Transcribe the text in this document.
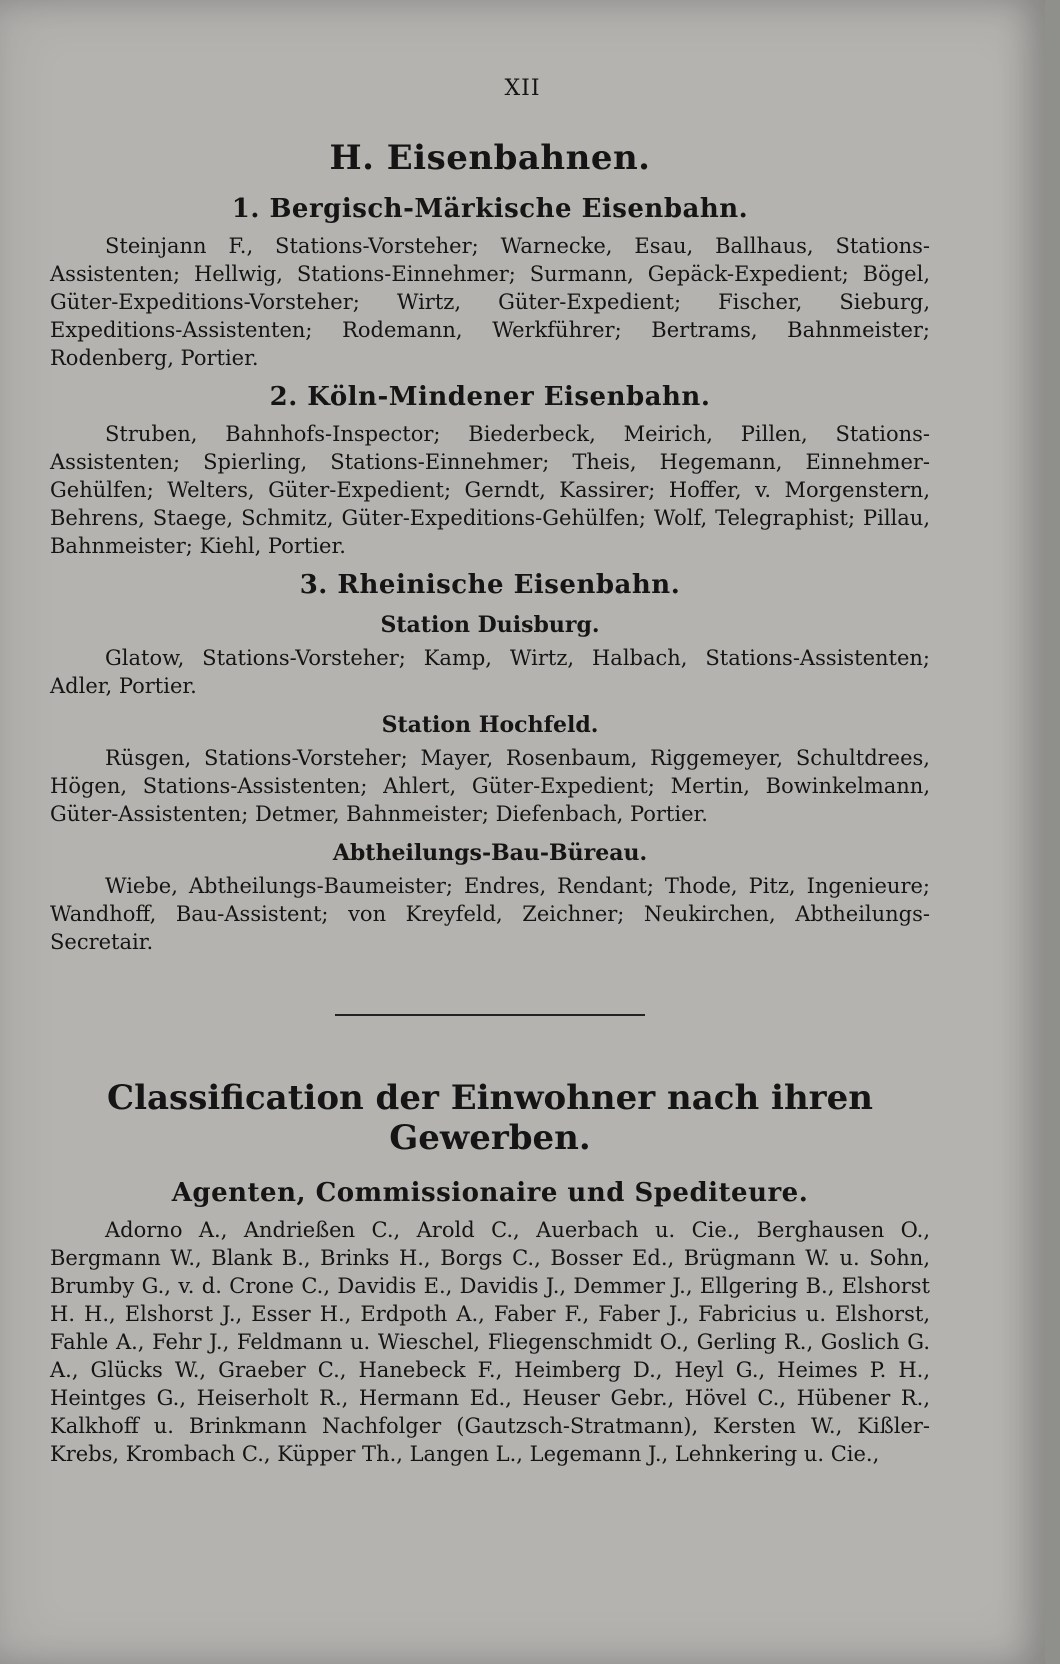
XII
H. Eisenbahnen.
1. Bergisch-Märkische Eisenbahn.

Steinjann F., Stations-Vorsteher; Warnecke, Esau, Ballhaus, Stations-Assistenten; Hellwig, Stations-Einnehmer; Surmann, Gepäck-Expedient; Bögel, Güter-Expeditions-Vorsteher; Wirtz, Güter-Expedient; Fischer, Sieburg, Expeditions-Assistenten; Rodemann, Werkführer; Bertrams, Bahnmeister; Rodenberg, Portier.

2. Köln-Mindener Eisenbahn.

Struben, Bahnhofs-Inspector; Biederbeck, Meirich, Pillen, Stations-Assistenten; Spierling, Stations-Einnehmer; Theis, Hegemann, Einnehmer-Gehülfen; Welters, Güter-Expedient; Gerndt, Kassirer; Hoffer, v. Morgenstern, Behrens, Staege, Schmitz, Güter-Expeditions-Gehülfen; Wolf, Telegraphist; Pillau, Bahnmeister; Kiehl, Portier.

3. Rheinische Eisenbahn.
Station Duisburg.

Glatow, Stations-Vorsteher; Kamp, Wirtz, Halbach, Stations-Assistenten; Adler, Portier.

Station Hochfeld.

Rüsgen, Stations-Vorsteher; Mayer, Rosenbaum, Riggemeyer, Schultdrees, Högen, Stations-Assistenten; Ahlert, Güter-Expedient; Mertin, Bowinkelmann, Güter-Assistenten; Detmer, Bahnmeister; Diefenbach, Portier.

Abtheilungs-Bau-Büreau.

Wiebe, Abtheilungs-Baumeister; Endres, Rendant; Thode, Pitz, Ingenieure; Wandhoff, Bau-Assistent; von Kreyfeld, Zeichner; Neukirchen, Abtheilungs-Secretair.

Classification der Einwohner nach ihren Gewerben.
Agenten, Commissionaire und Spediteure.

Adorno A., Andrießen C., Arold C., Auerbach u. Cie., Berghausen O., Bergmann W., Blank B., Brinks H., Borgs C., Bosser Ed., Brügmann W. u. Sohn, Brumby G., v. d. Crone C., Davidis E., Davidis J., Demmer J., Ellgering B., Elshorst H. H., Elshorst J., Esser H., Erdpoth A., Faber F., Faber J., Fabricius u. Elshorst, Fahle A., Fehr J., Feldmann u. Wieschel, Fliegenschmidt O., Gerling R., Goslich G. A., Glücks W., Graeber C., Hanebeck F., Heimberg D., Heyl G., Heimes P. H., Heintges G., Heiserholt R., Hermann Ed., Heuser Gebr., Hövel C., Hübener R., Kalkhoff u. Brinkmann Nachfolger (Gautzsch-Stratmann), Kersten W., Kißler-Krebs, Krombach C., Küpper Th., Langen L., Legemann J., Lehnkering u. Cie.,
